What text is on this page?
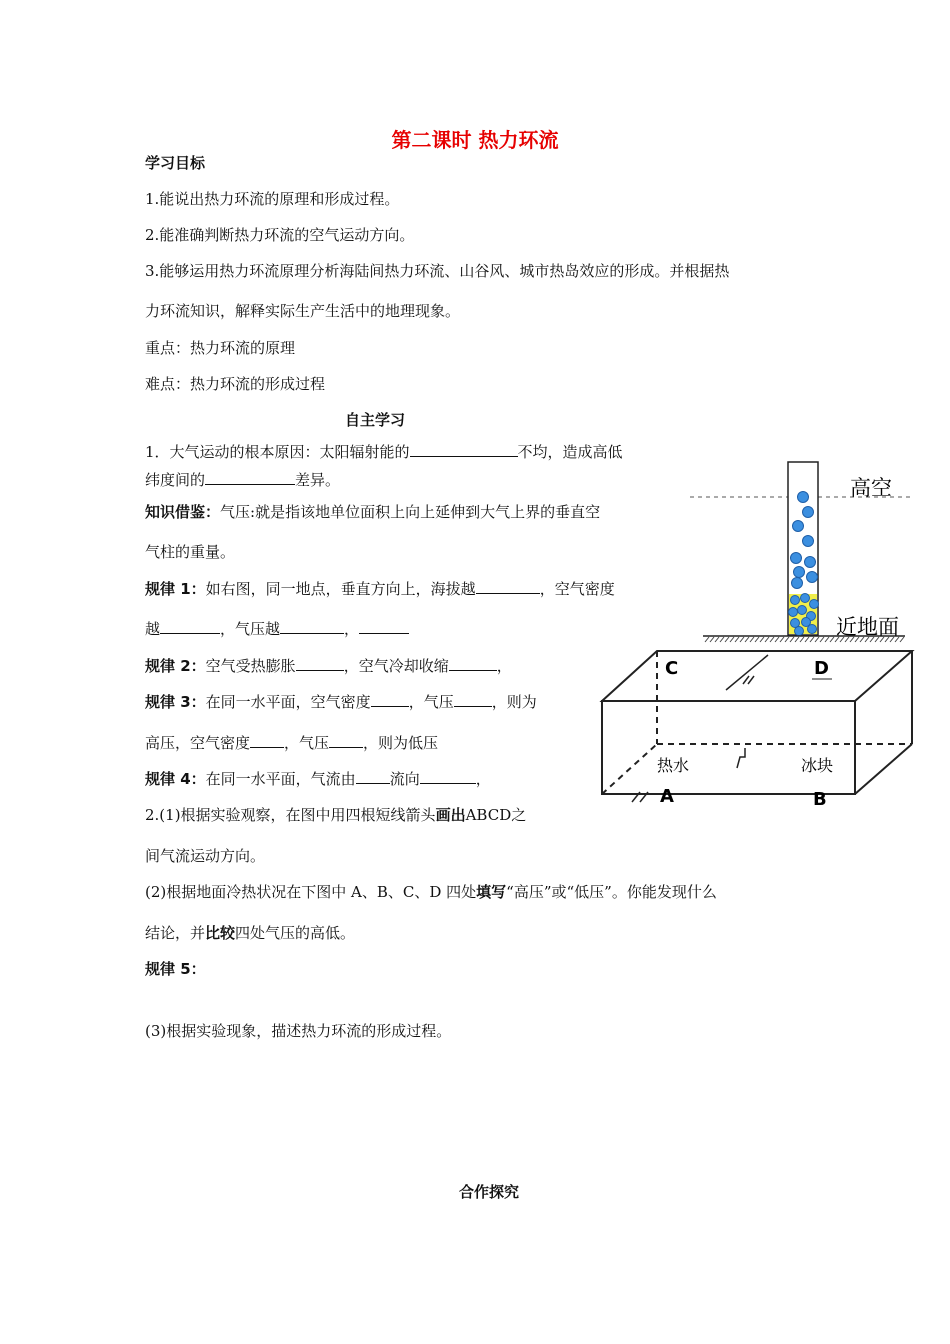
第二课时 热力环流
学习目标
1.能说出热力环流的原理和形成过程。
2.能准确判断热力环流的空气运动方向。
3.能够运用热力环流原理分析海陆间热力环流、山谷风、城市热岛效应的形成。并根据热
力环流知识，解释实际生产生活中的地理现象。
重点：热力环流的原理
难点：热力环流的形成过程
自主学习
1．大气运动的根本原因：太阳辐射能的	不均，造成高低
纬度间的	差异。
知识借鉴：气压:就是指该地单位面积上向上延伸到大气上界的垂直空
气柱的重量。
规律 1：如右图，同一地点，垂直方向上，海拔越	，空气密度
越	，气压越	，
规律 2：空气受热膨胀	，空气冷却收缩	，
规律 3：在同一水平面，空气密度	，气压	，则为
高压，空气密度 ，气压 ，则为低压
规律 4：在同一水平面，气流由 流向	，
2.(1)根据实验观察，在图中用四根短线箭头画出ABCD之
间气流运动方向。
(2)根据地面冷热状况在下图中 A、B、C、D 四处填写“高压”或“低压”。你能发现什么
结论，并比较四处气压的高低。
规律 5：
(3)根据实验现象，描述热力环流的形成过程。
合作探究
高空
近地面
C	D
热水	冰块
A	B
